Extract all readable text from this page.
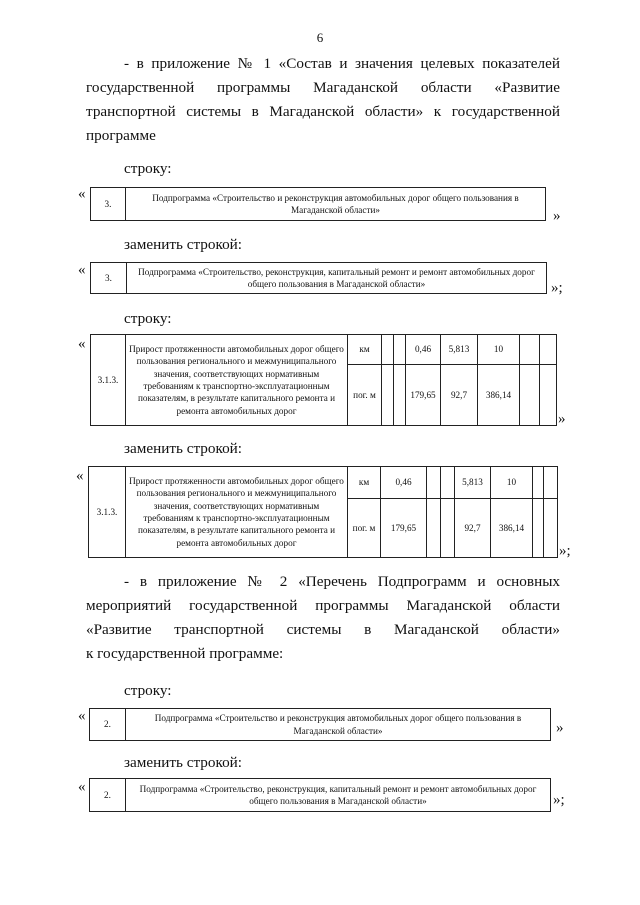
6
- в приложение № 1 «Состав и значения целевых показателей
государственной программы Магаданской области «Развитие
транспортной системы в Магаданской области» к государственной
программе
строку:
«
3.	Подпрограмма «Строительство и реконструкция автомобильных дорог общего пользования в Магаданской области»	»
заменить строкой:
« 3.	Подпрограмма «Строительство, реконструкция, капитальный ремонт и ремонт автомобильных дорог общего пользования в Магаданской области»	»;
строку:
«
3.1.3.	Прирост протяженности автомобильных дорог общего пользования регионального и межмуниципального значения, соответствующих нормативным требованиям к транспортно-эксплуатационным показателям, в результате капитального ремонта и ремонта автомобильных дорог	км			0,46	5,813	10		
		пог. м			179,65	92,7	386,14		
»
заменить строкой:
«
3.1.3.	Прирост протяженности автомобильных дорог общего пользования регионального и межмуниципального значения, соответствующих нормативным требованиям к транспортно-эксплуатационным показателям, в результате капитального ремонта и ремонта автомобильных дорог	км	0,46			5,813	10		
		пог. м	179,65			92,7	386,14		
»;
- в приложение № 2 «Перечень Подпрограмм и основных
мероприятий государственной программы Магаданской области
«Развитие транспортной системы в Магаданской области»
к государственной программе:
строку:
«
2.	Подпрограмма «Строительство и реконструкция автомобильных дорог общего пользования в Магаданской области»	»
заменить строкой:
« 2.	Подпрограмма «Строительство, реконструкция, капитальный ремонт и ремонт автомобильных дорог общего пользования в Магаданской области»	»;
